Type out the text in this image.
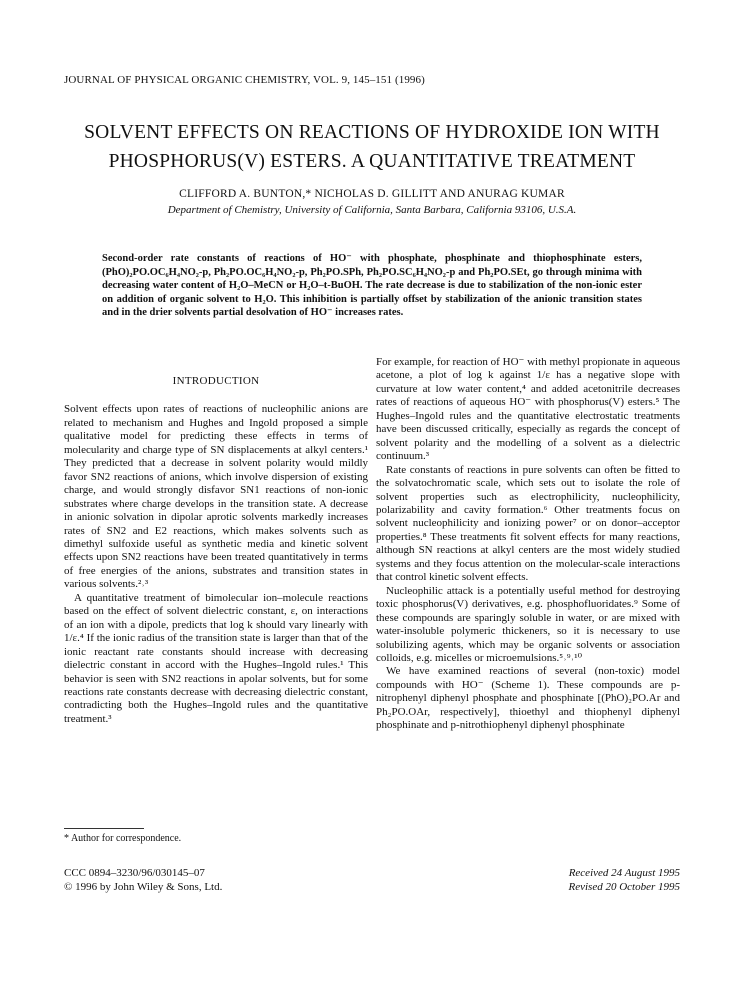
JOURNAL OF PHYSICAL ORGANIC CHEMISTRY, VOL. 9, 145–151 (1996)
SOLVENT EFFECTS ON REACTIONS OF HYDROXIDE ION WITH
PHOSPHORUS(V) ESTERS. A QUANTITATIVE TREATMENT
CLIFFORD A. BUNTON,* NICHOLAS D. GILLITT AND ANURAG KUMAR
Department of Chemistry, University of California, Santa Barbara, California 93106, U.S.A.
Second-order rate constants of reactions of HO⁻ with phosphate, phosphinate and thiophosphinate esters, (PhO)₂PO.OC₆H₄NO₂-p, Ph₂PO.OC₆H₄NO₂-p, Ph₂PO.SPh, Ph₂PO.SC₆H₄NO₂-p and Ph₂PO.SEt, go through minima with decreasing water content of H₂O–MeCN or H₂O–t-BuOH. The rate decrease is due to stabilization of the non-ionic ester on addition of organic solvent to H₂O. This inhibition is partially offset by stabilization of the anionic transition states and in the drier solvents partial desolvation of HO⁻ increases rates.
INTRODUCTION

Solvent effects upon rates of reactions of nucleophilic anions are related to mechanism and Hughes and Ingold proposed a simple qualitative model for predicting these effects in terms of molecularity and charge type of SN displacements at alkyl centers.¹ They predicted that a decrease in solvent polarity would mildly favor SN2 reactions of anions, which involve dispersion of existing charge, and would strongly disfavor SN1 reactions of non-ionic substrates where charge develops in the transition state. A decrease in anionic solvation in dipolar aprotic solvents markedly increases rates of SN2 and E2 reactions, which makes solvents such as dimethyl sulfoxide useful as synthetic media and kinetic solvent effects upon SN2 reactions have been treated quantitatively in terms of free energies of the anions, substrates and transition states in various solvents.²˒³

A quantitative treatment of bimolecular ion–molecule reactions based on the effect of solvent dielectric constant, ε, on interactions of an ion with a dipole, predicts that log k should vary linearly with 1/ε.⁴ If the ionic radius of the transition state is larger than that of the ionic reactant rate constants should increase with decreasing dielectric constant in accord with the Hughes–Ingold rules.¹ This behavior is seen with SN2 reactions in apolar solvents, but for some reactions rate constants decrease with decreasing dielectric constant, contradicting both the Hughes–Ingold rules and the quantitative treatment.³

For example, for reaction of HO⁻ with methyl propionate in aqueous acetone, a plot of log k against 1/ε has a negative slope with curvature at low water content,⁴ and added acetonitrile decreases rates of reactions of aqueous HO⁻ with phosphorus(V) esters.⁵ The Hughes–Ingold rules and the quantitative electrostatic treatments have been discussed critically, especially as regards the concept of solvent polarity and the modelling of a solvent as a dielectric continuum.³

Rate constants of reactions in pure solvents can often be fitted to the solvatochromatic scale, which sets out to isolate the role of solvent properties such as electrophilicity, nucleophilicity, polarizability and cavity formation.⁶ Other treatments focus on solvent nucleophilicity and ionizing power⁷ or on donor–acceptor properties.⁸ These treatments fit solvent effects for many reactions, although SN reactions at alkyl centers are the most widely studied systems and they focus attention on the molecular-scale interactions that control kinetic solvent effects.

Nucleophilic attack is a potentially useful method for destroying toxic phosphorus(V) derivatives, e.g. phosphofluoridates.⁹ Some of these compounds are sparingly soluble in water, or are mixed with water-insoluble polymeric thickeners, so it is necessary to use solubilizing agents, which may be organic solvents or association colloids, e.g. micelles or microemulsions.⁵˒⁹˒¹⁰

We have examined reactions of several (non-toxic) model compounds with HO⁻ (Scheme 1). These compounds are p-nitrophenyl diphenyl phosphate and phosphinate [(PhO)₂PO.Ar and Ph₂PO.OAr, respectively], thioethyl and thiophenyl diphenyl phosphinate and p-nitrothiophenyl diphenyl phosphinate

* Author for correspondence.
CCC 0894–3230/96/030145–07
© 1996 by John Wiley & Sons, Ltd.
Received 24 August 1995
Revised 20 October 1995
